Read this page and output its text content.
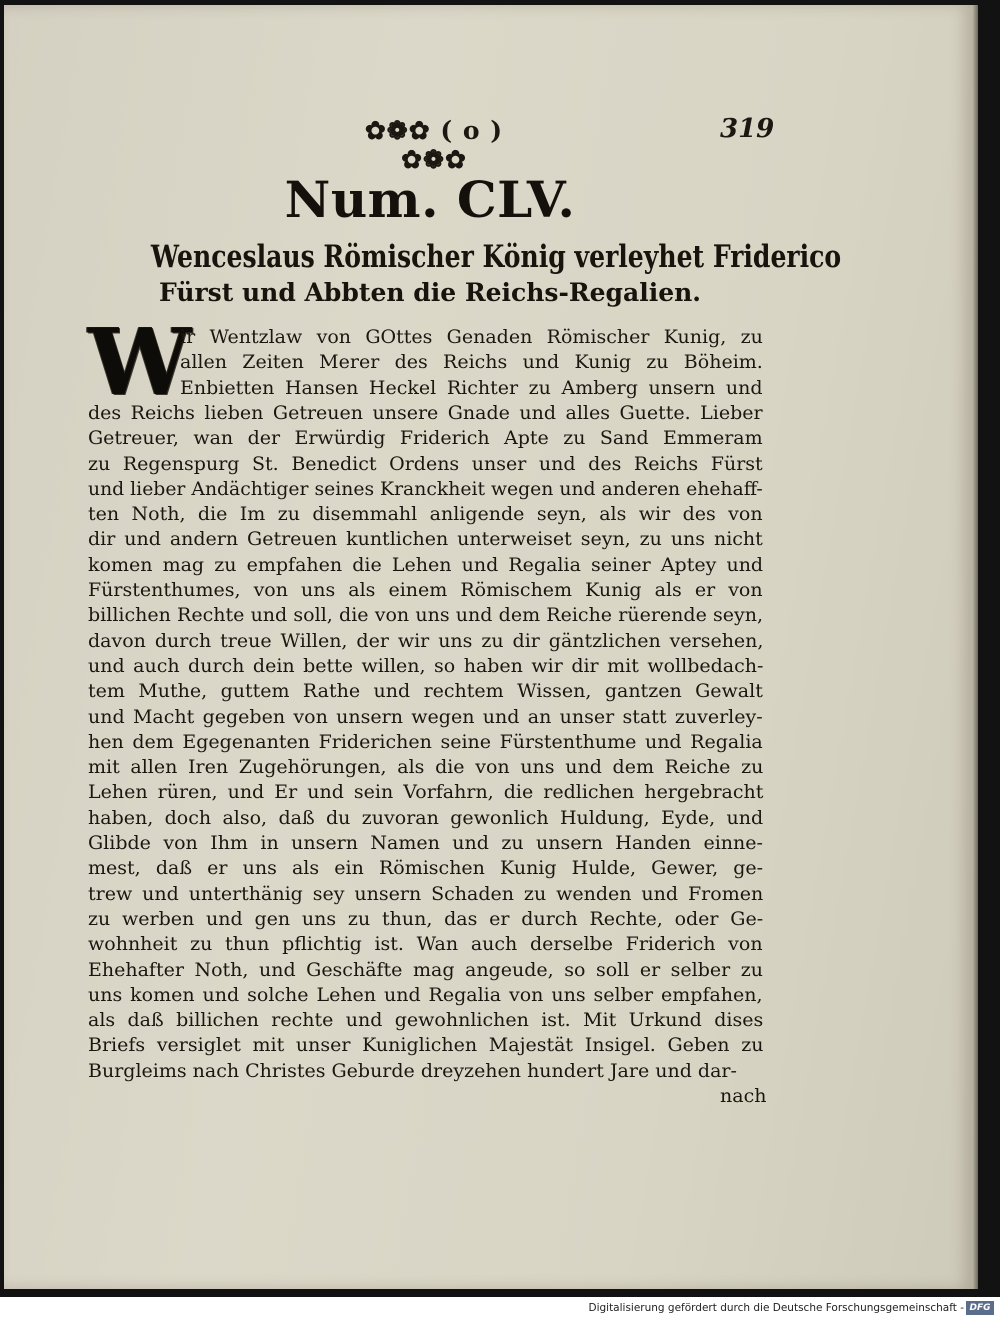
✿❁✿ ( o ) ✿❁✿
319
Num. CLV.
Wenceslaus Römischer König verleyhet Friderico
Fürst und Abbten die Reichs-Regalien.
W
ir Wentzlaw von GOttes Genaden Römischer Kunig, zu
allen Zeiten Merer des Reichs und Kunig zu Böheim.
Enbietten Hansen Heckel Richter zu Amberg unsern und
des Reichs lieben Getreuen unsere Gnade und alles Guette. Lieber
Getreuer, wan der Erwürdig Friderich Apte zu Sand Emmeram
zu Regenspurg St. Benedict Ordens unser und des Reichs Fürst
und lieber Andächtiger seines Kranckheit wegen und anderen ehehaff-
ten Noth, die Im zu disemmahl anligende seyn, als wir des von
dir und andern Getreuen kuntlichen unterweiset seyn, zu uns nicht
komen mag zu empfahen die Lehen und Regalia seiner Aptey und
Fürstenthumes, von uns als einem Römischem Kunig als er von
billichen Rechte und soll, die von uns und dem Reiche rüerende seyn,
davon durch treue Willen, der wir uns zu dir gäntzlichen versehen,
und auch durch dein bette willen, so haben wir dir mit wollbedach-
tem Muthe, guttem Rathe und rechtem Wissen, gantzen Gewalt
und Macht gegeben von unsern wegen und an unser statt zuverley-
hen dem Egegenanten Friderichen seine Fürstenthume und Regalia
mit allen Iren Zugehörungen, als die von uns und dem Reiche zu
Lehen rüren, und Er und sein Vorfahrn, die redlichen hergebracht
haben, doch also, daß du zuvoran gewonlich Huldung, Eyde, und
Glibde von Ihm in unsern Namen und zu unsern Handen einne-
mest, daß er uns als ein Römischen Kunig Hulde, Gewer, ge-
trew und unterthänig sey unsern Schaden zu wenden und Fromen
zu werben und gen uns zu thun, das er durch Rechte, oder Ge-
wohnheit zu thun pflichtig ist. Wan auch derselbe Friderich von
Ehehafter Noth, und Geschäfte mag angeude, so soll er selber zu
uns komen und solche Lehen und Regalia von uns selber empfahen,
als daß billichen rechte und gewohnlichen ist. Mit Urkund dises
Briefs versiglet mit unser Kuniglichen Majestät Insigel. Geben zu
Burgleims nach Christes Geburde dreyzehen hundert Jare und dar-
nach
Digitalisierung gefördert durch die Deutsche Forschungsgemeinschaft - DFG
